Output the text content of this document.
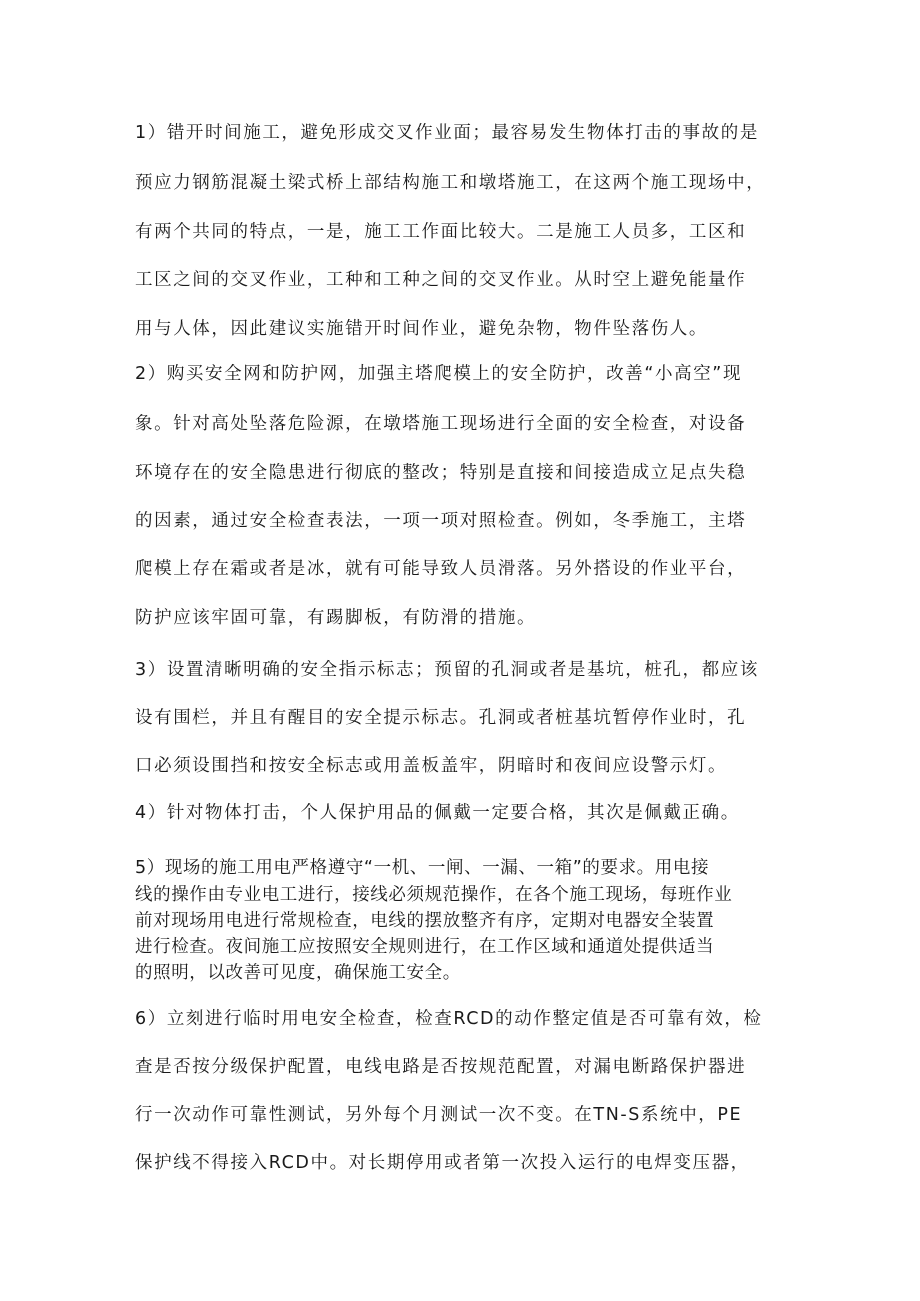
1）错开时间施工，避免形成交叉作业面；最容易发生物体打击的事故的是
预应力钢筋混凝土梁式桥上部结构施工和墩塔施工，在这两个施工现场中，
有两个共同的特点，一是，施工工作面比较大。二是施工人员多，工区和
工区之间的交叉作业，工种和工种之间的交叉作业。从时空上避免能量作
用与人体，因此建议实施错开时间作业，避免杂物，物件坠落伤人。
2）购买安全网和防护网，加强主塔爬模上的安全防护，改善“小高空”现
象。针对高处坠落危险源，在墩塔施工现场进行全面的安全检查，对设备
环境存在的安全隐患进行彻底的整改；特别是直接和间接造成立足点失稳
的因素，通过安全检查表法，一项一项对照检查。例如，冬季施工，主塔
爬模上存在霜或者是冰，就有可能导致人员滑落。另外搭设的作业平台，
防护应该牢固可靠，有踢脚板，有防滑的措施。
3）设置清晰明确的安全指示标志；预留的孔洞或者是基坑，桩孔，都应该
设有围栏，并且有醒目的安全提示标志。孔洞或者桩基坑暂停作业时，孔
口必须设围挡和按安全标志或用盖板盖牢，阴暗时和夜间应设警示灯。
4）针对物体打击，个人保护用品的佩戴一定要合格，其次是佩戴正确。
5）现场的施工用电严格遵守“一机、一闸、一漏、一箱”的要求。用电接
线的操作由专业电工进行，接线必须规范操作，在各个施工现场，每班作业
前对现场用电进行常规检查，电线的摆放整齐有序，定期对电器安全装置
进行检查。夜间施工应按照安全规则进行，在工作区域和通道处提供适当
的照明，以改善可见度，确保施工安全。
6）立刻进行临时用电安全检查，检查RCD的动作整定值是否可靠有效，检
查是否按分级保护配置，电线电路是否按规范配置，对漏电断路保护器进
行一次动作可靠性测试，另外每个月测试一次不变。在TN-S系统中，PE
保护线不得接入RCD中。对长期停用或者第一次投入运行的电焊变压器，
